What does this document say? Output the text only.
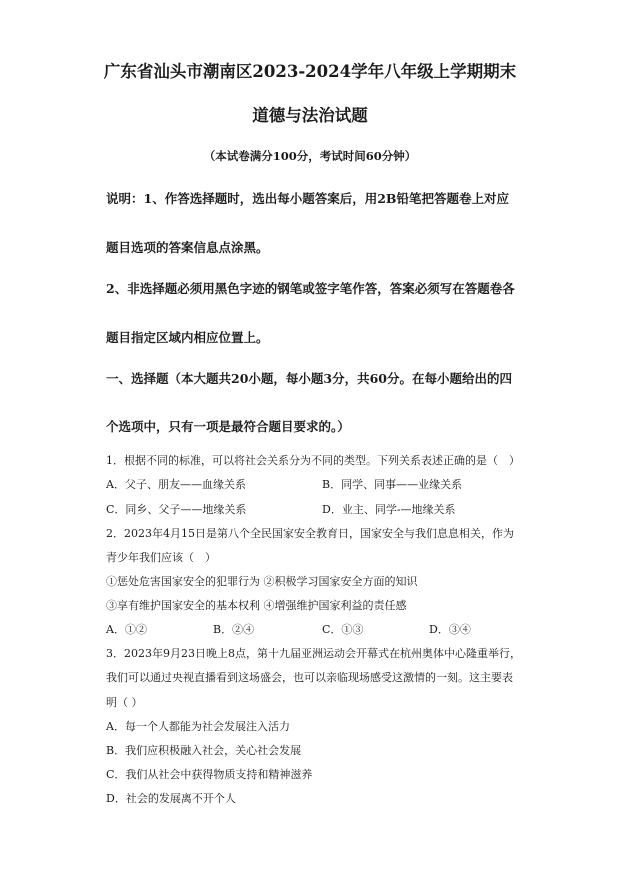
广东省汕头市潮南区2023-2024学年八年级上学期期末
道德与法治试题
（本试卷满分100分，考试时间60分钟）
说明：1、作答选择题时，选出每小题答案后，用2B铅笔把答题卷上对应
题目选项的答案信息点涂黑。
2、非选择题必须用黑色字迹的钢笔或签字笔作答，答案必须写在答题卷各
题目指定区域内相应位置上。
一、选择题（本大题共20小题，每小题3分，共60分。在每小题给出的四
个选项中，只有一项是最符合题目要求的。）
1．根据不同的标准，可以将社会关系分为不同的类型。下列关系表述正确的是（　）
A．父子、朋友——血缘关系	B．同学、同事——业缘关系
C．同乡、父子——地缘关系	D．业主、同学-—地缘关系
2．2023年4月15日是第八个全民国家安全教育日，国家安全与我们息息相关，作为
青少年我们应该（　）
①惩处危害国家安全的犯罪行为 ②积极学习国家安全方面的知识
③享有维护国家安全的基本权利 ④增强维护国家利益的责任感
A．①②	B．②④	C．①③	D．③④
3．2023年9月23日晚上8点，第十九届亚洲运动会开幕式在杭州奥体中心隆重举行，
我们可以通过央视直播看到这场盛会，也可以亲临现场感受这激情的一刻。这主要表
明（ ）
A．每一个人都能为社会发展注入活力
B．我们应积极融入社会，关心社会发展
C．我们从社会中获得物质支持和精神滋养
D．社会的发展离不开个人
